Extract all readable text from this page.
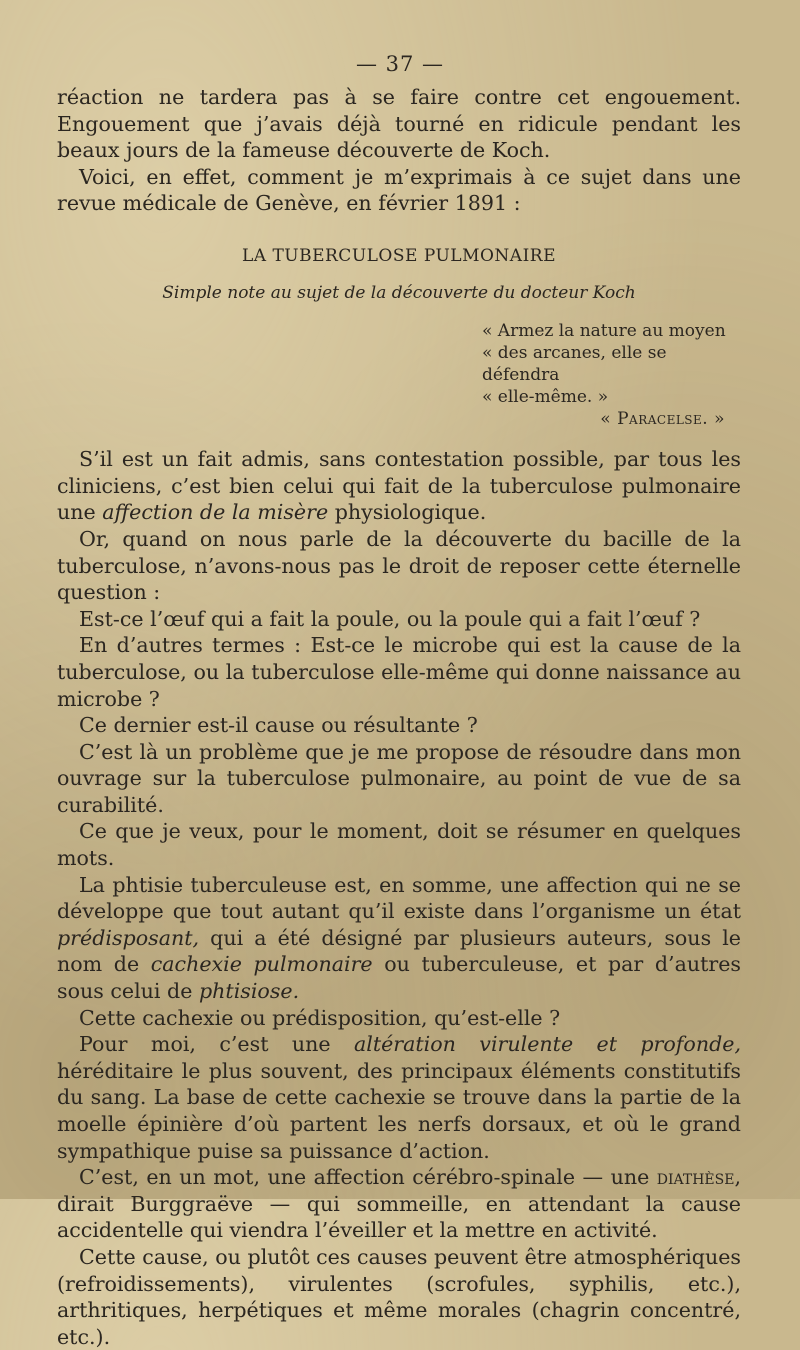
— 37 —

réaction ne tardera pas à se faire contre cet engouement. Engouement que j’avais déjà tourné en ridicule pendant les beaux jours de la fameuse découverte de Koch.

Voici, en effet, comment je m’exprimais à ce sujet dans une revue médicale de Genève, en février 1891 :

LA TUBERCULOSE PULMONAIRE
Simple note au sujet de la découverte du docteur Koch
« Armez la nature au moyen
« des arcanes, elle se défendra
« elle-même. »
« Paracelse. »

S’il est un fait admis, sans contestation possible, par tous les cliniciens, c’est bien celui qui fait de la tuberculose pulmonaire une affection de la misère physiologique.

Or, quand on nous parle de la découverte du bacille de la tuberculose, n’avons-nous pas le droit de reposer cette éternelle question :

Est-ce l’œuf qui a fait la poule, ou la poule qui a fait l’œuf ?

En d’autres termes : Est-ce le microbe qui est la cause de la tuberculose, ou la tuberculose elle-même qui donne naissance au microbe ?

Ce dernier est-il cause ou résultante ?

C’est là un problème que je me propose de résoudre dans mon ouvrage sur la tuberculose pulmonaire, au point de vue de sa curabilité.

Ce que je veux, pour le moment, doit se résumer en quelques mots.

La phtisie tuberculeuse est, en somme, une affection qui ne se développe que tout autant qu’il existe dans l’organisme un état prédisposant, qui a été désigné par plusieurs auteurs, sous le nom de cachexie pulmonaire ou tuberculeuse, et par d’autres sous celui de phtisiose.

Cette cachexie ou prédisposition, qu’est-elle ?

Pour moi, c’est une altération virulente et profonde, héréditaire le plus souvent, des principaux éléments constitutifs du sang. La base de cette cachexie se trouve dans la partie de la moelle épinière d’où partent les nerfs dorsaux, et où le grand sympathique puise sa puissance d’action.

C’est, en un mot, une affection cérébro-spinale — une diathèse, dirait Burggraëve — qui sommeille, en attendant la cause accidentelle qui viendra l’éveiller et la mettre en activité.

Cette cause, ou plutôt ces causes peuvent être atmosphériques (refroidissements), virulentes (scrofules, syphilis, etc.), arthritiques, herpétiques et même morales (chagrin concentré, etc.).
